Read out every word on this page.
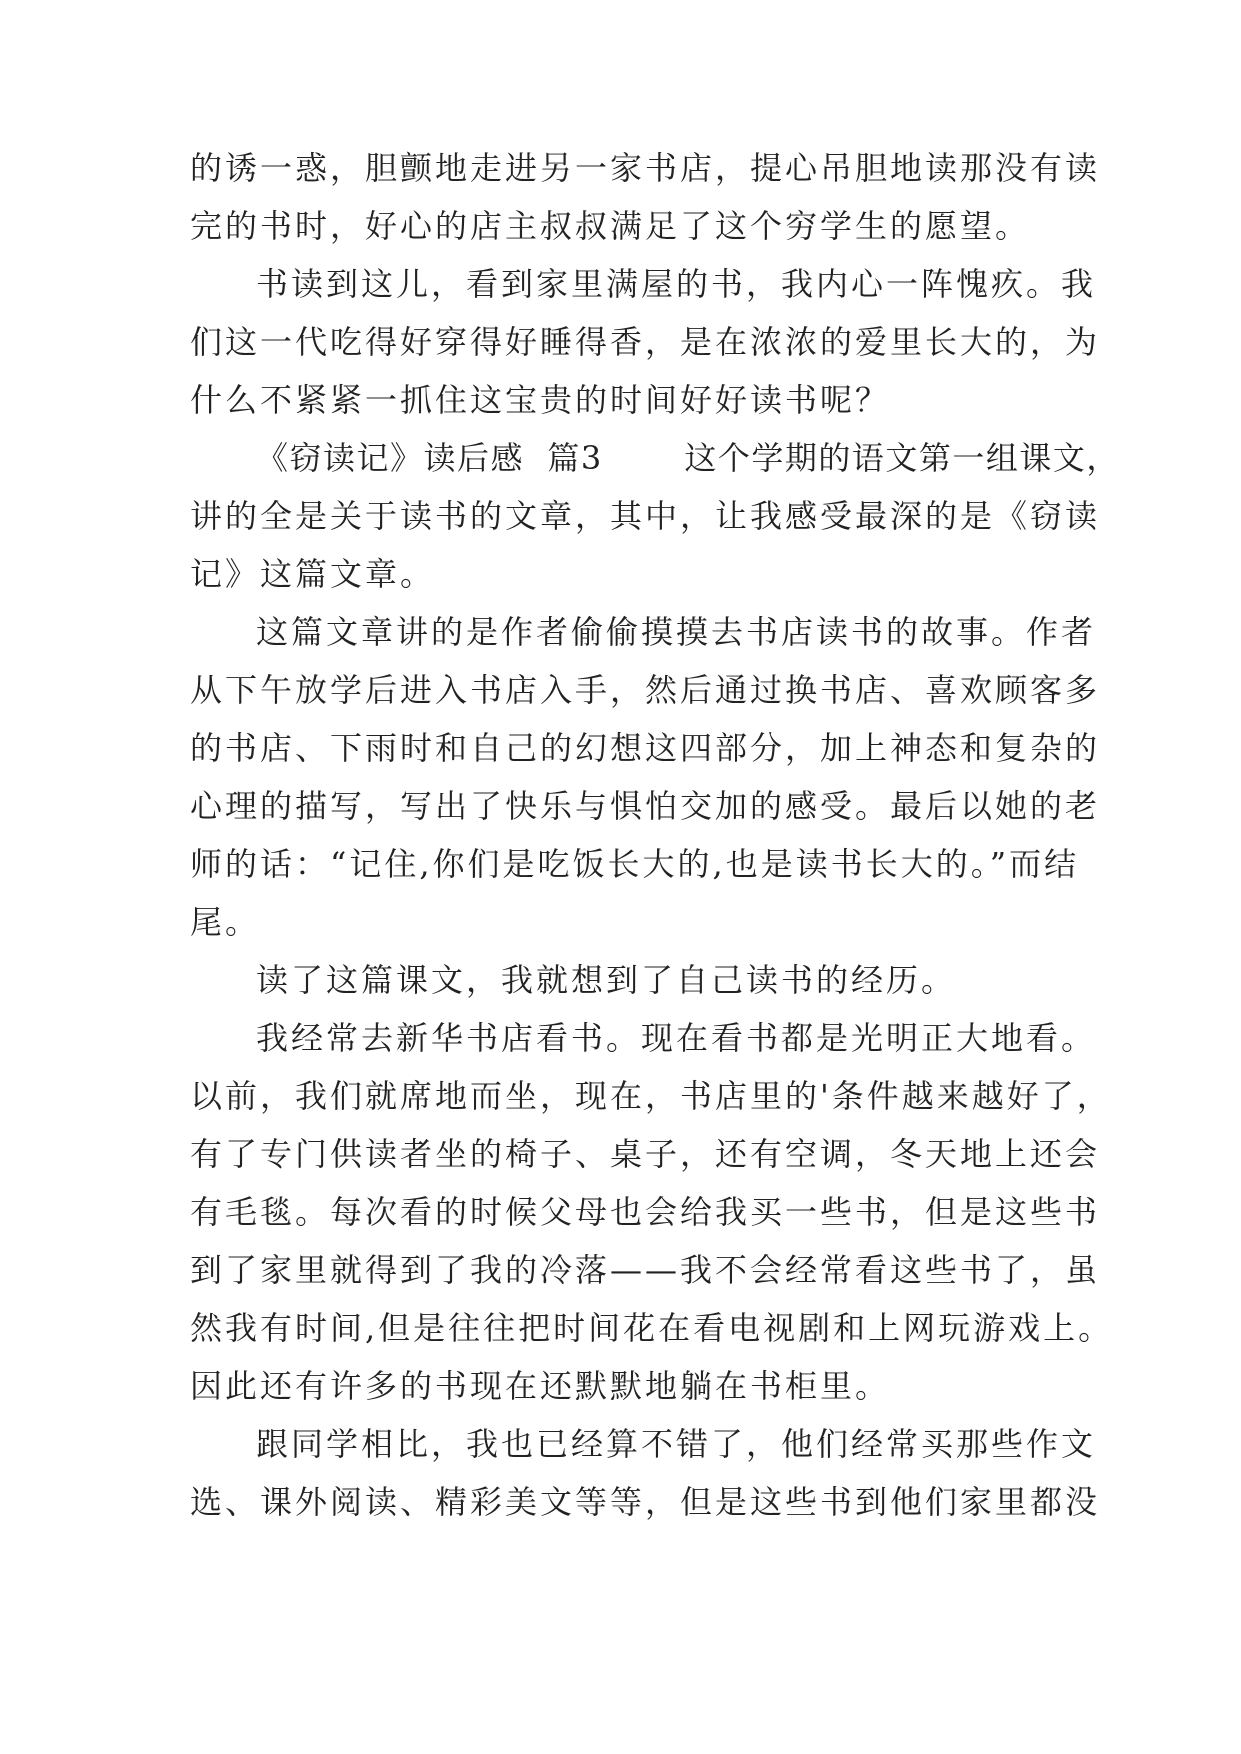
的诱一惑，胆颤地走进另一家书店，提心吊胆地读那没有读
完的书时，好心的店主叔叔满足了这个穷学生的愿望。
书读到这儿，看到家里满屋的书，我内心一阵愧疚。我
们这一代吃得好穿得好睡得香，是在浓浓的爱里长大的，为
什么不紧紧一抓住这宝贵的时间好好读书呢？
《窃读记》读后感  篇3       这个学期的语文第一组课文，
讲的全是关于读书的文章，其中，让我感受最深的是《窃读
记》这篇文章。
这篇文章讲的是作者偷偷摸摸去书店读书的故事。作者
从下午放学后进入书店入手，然后通过换书店、喜欢顾客多
的书店、下雨时和自己的幻想这四部分，加上神态和复杂的
心理的描写，写出了快乐与惧怕交加的感受。最后以她的老
师的话：“记住,你们是吃饭长大的,也是读书长大的。”而结
尾。
读了这篇课文，我就想到了自己读书的经历。
我经常去新华书店看书。现在看书都是光明正大地看。
以前，我们就席地而坐，现在，书店里的'条件越来越好了，
有了专门供读者坐的椅子、桌子，还有空调，冬天地上还会
有毛毯。每次看的时候父母也会给我买一些书，但是这些书
到了家里就得到了我的冷落——我不会经常看这些书了，虽
然我有时间,但是往往把时间花在看电视剧和上网玩游戏上。
因此还有许多的书现在还默默地躺在书柜里。
跟同学相比，我也已经算不错了，他们经常买那些作文
选、课外阅读、精彩美文等等，但是这些书到他们家里都没
